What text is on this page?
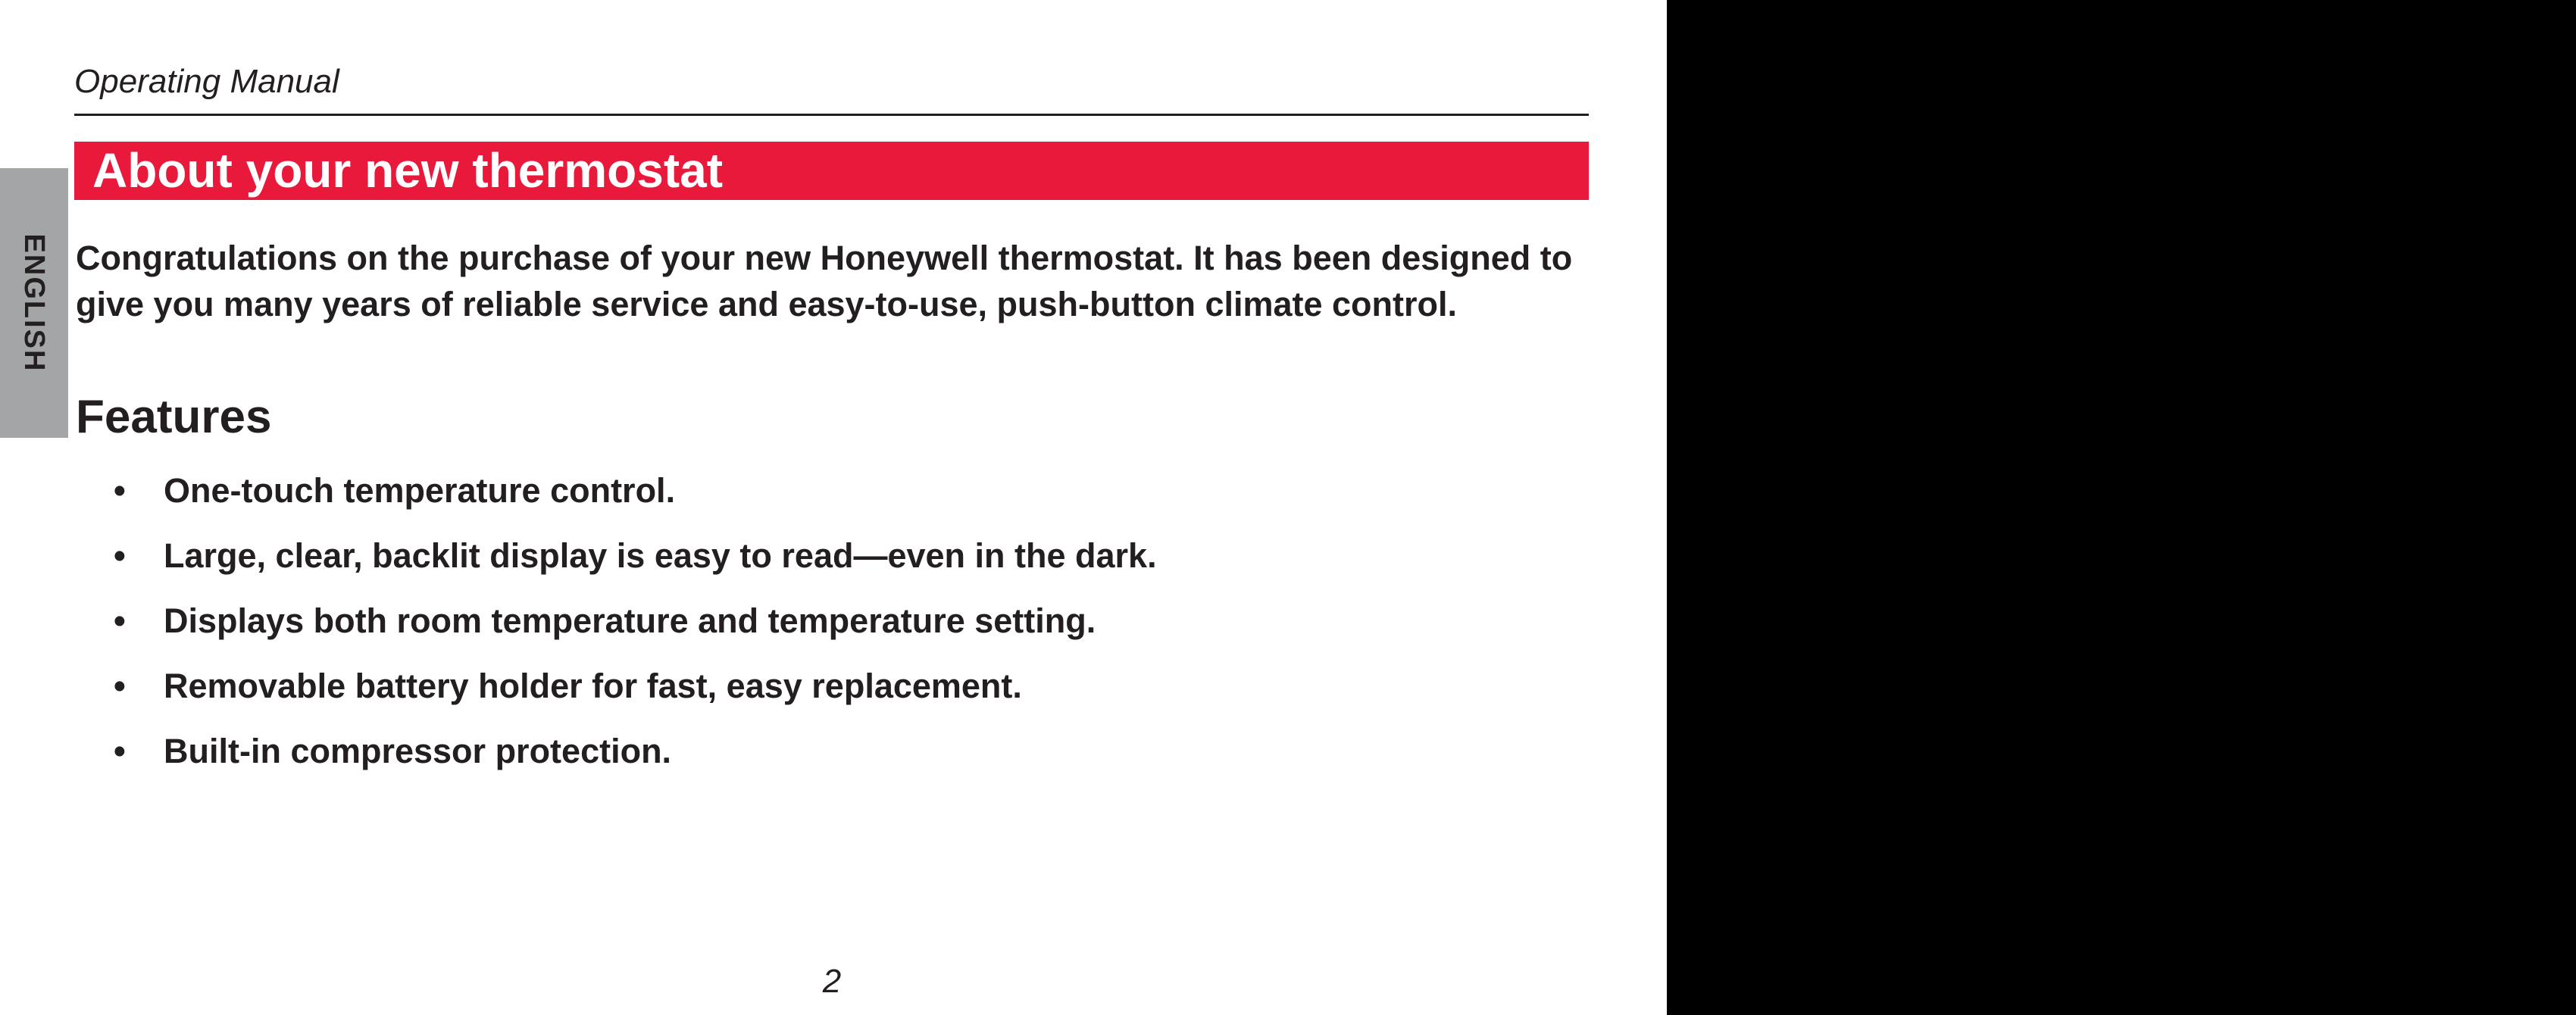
Operating Manual
ENGLISH
About your new thermostat

Congratulations on the purchase of your new Honeywell thermostat. It has been designed to give you many years of reliable service and easy-to-use, push-button climate control.

Features
• One-touch temperature control.
• Large, clear, backlit display is easy to read—even in the dark.
• Displays both room temperature and temperature setting.
• Removable battery holder for fast, easy replacement.
• Built-in compressor protection.
2
